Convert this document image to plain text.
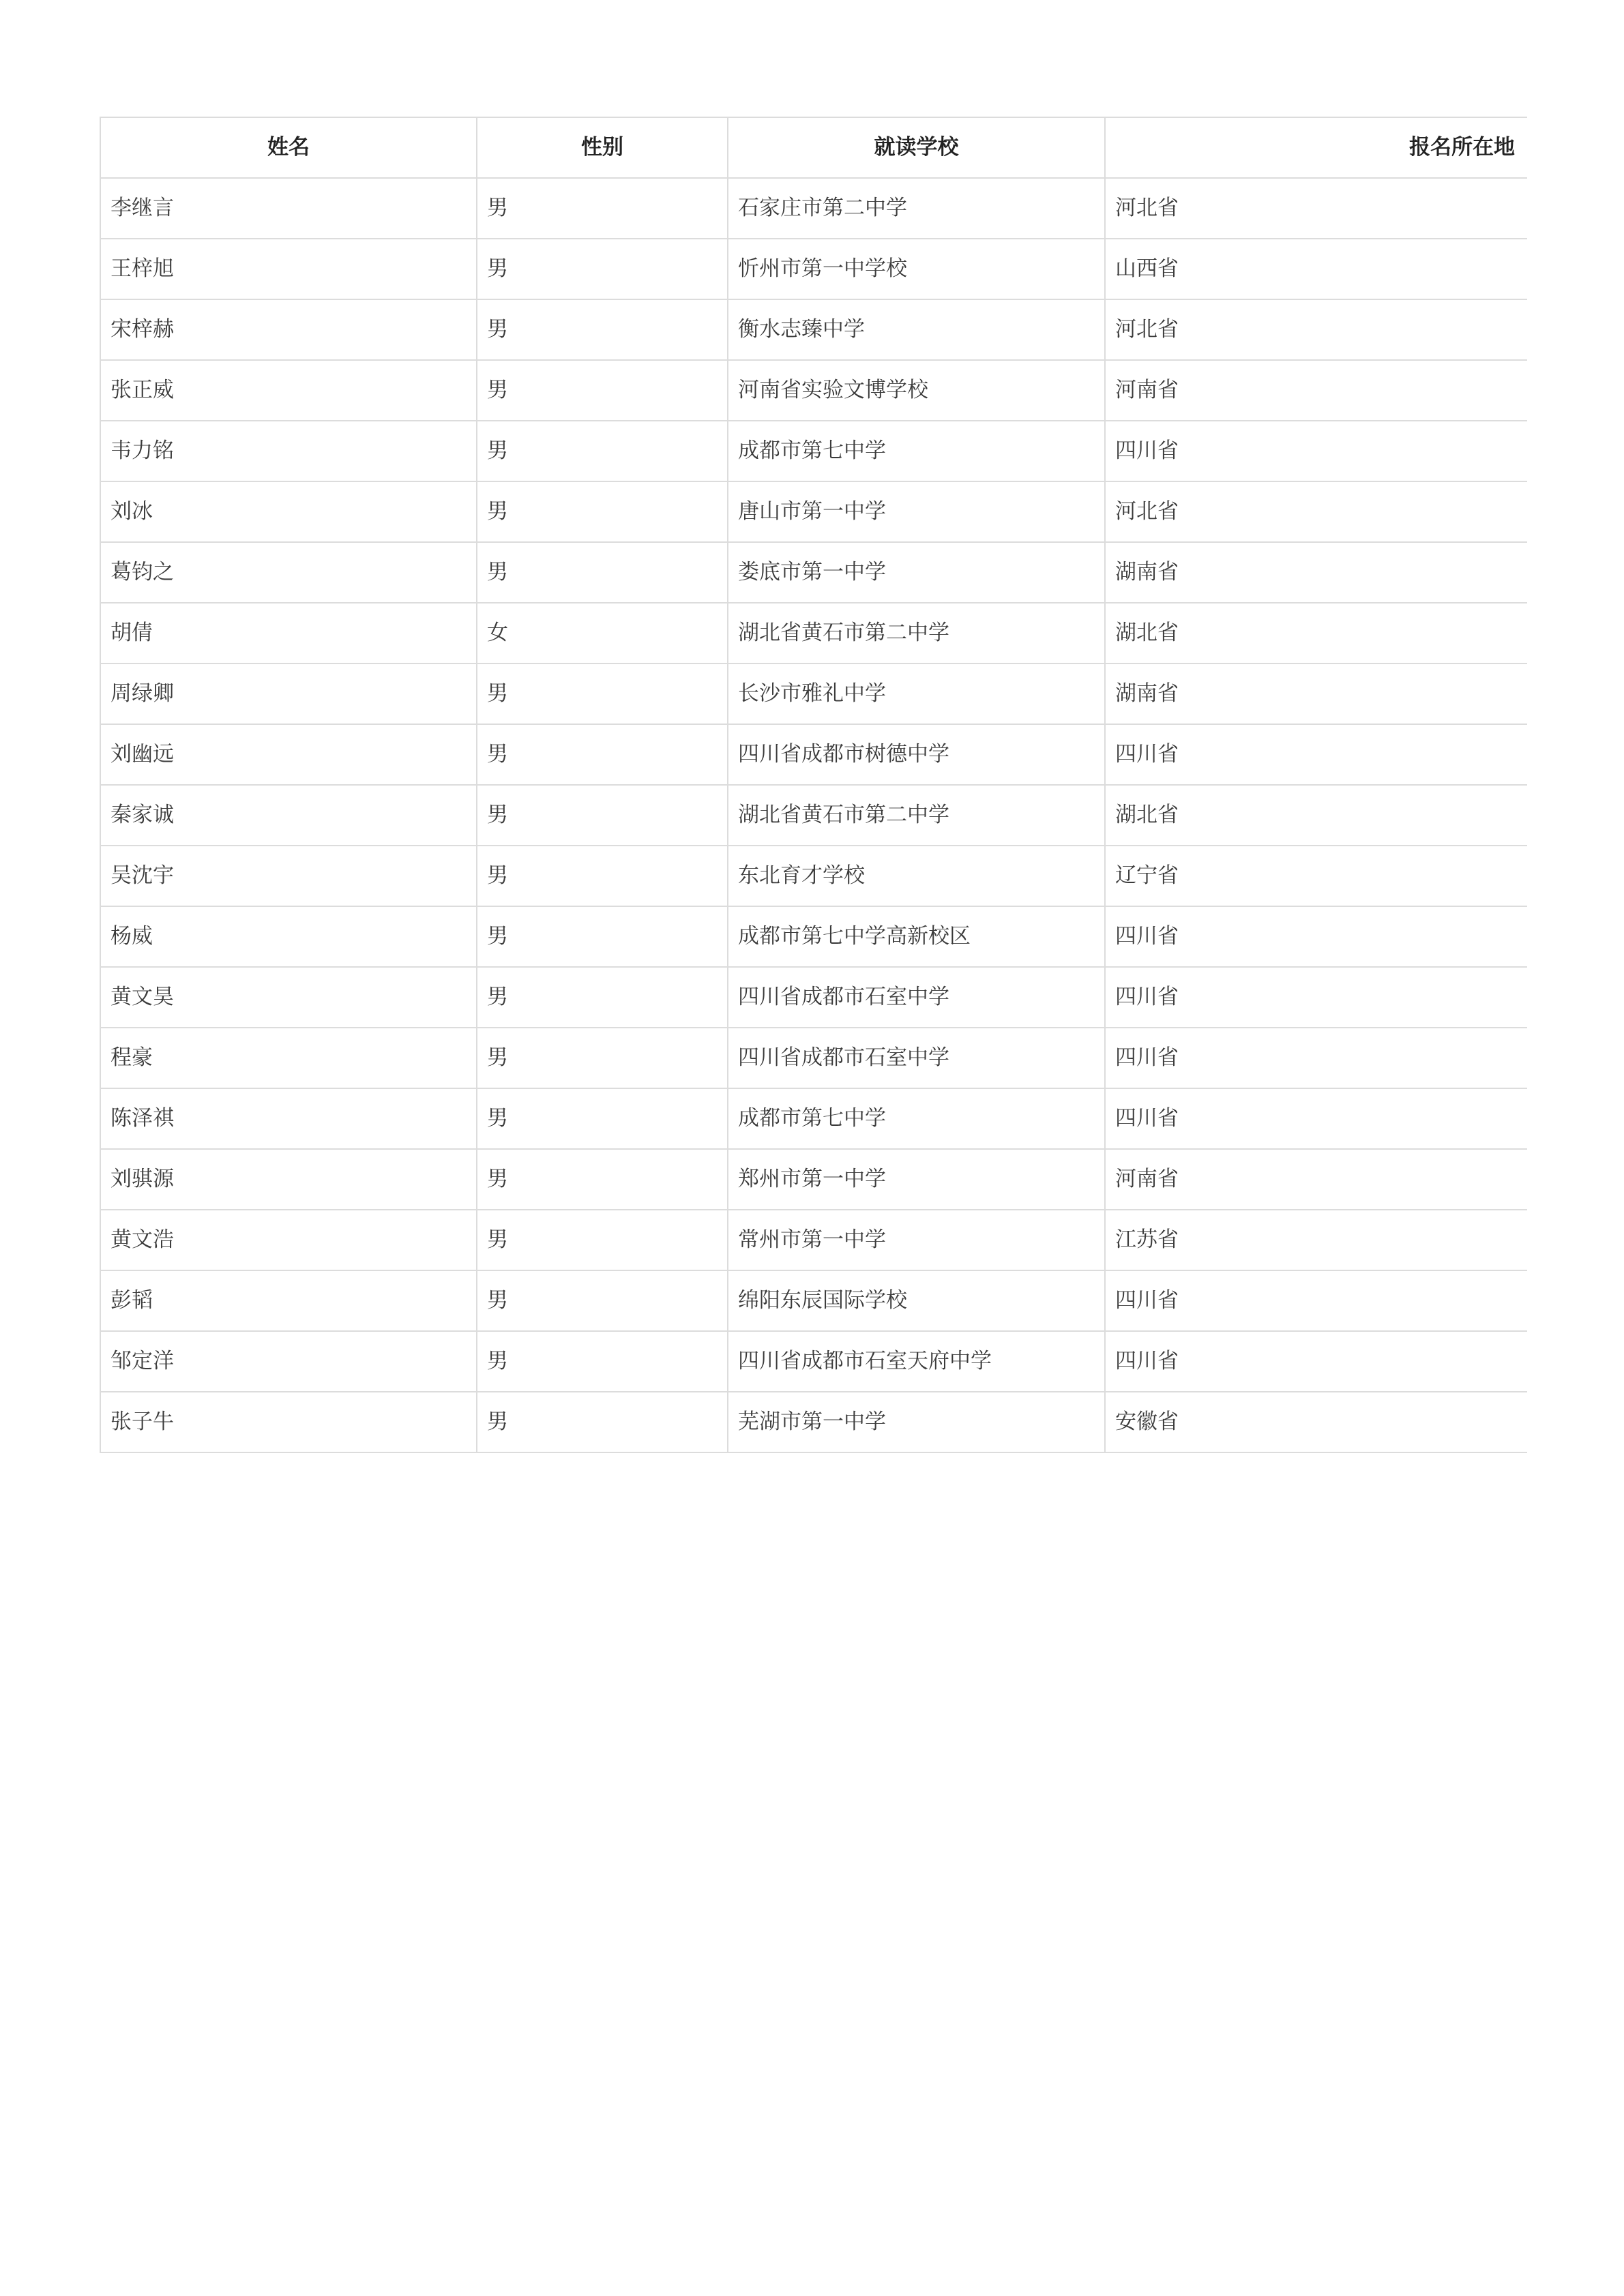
姓名	性别	就读学校	报名所在地
李继言	男	石家庄市第二中学	河北省
王梓旭	男	忻州市第一中学校	山西省
宋梓赫	男	衡水志臻中学	河北省
张正威	男	河南省实验文博学校	河南省
韦力铭	男	成都市第七中学	四川省
刘冰	男	唐山市第一中学	河北省
葛钧之	男	娄底市第一中学	湖南省
胡倩	女	湖北省黄石市第二中学	湖北省
周绿卿	男	长沙市雅礼中学	湖南省
刘幽远	男	四川省成都市树德中学	四川省
秦家诚	男	湖北省黄石市第二中学	湖北省
吴沈宇	男	东北育才学校	辽宁省
杨威	男	成都市第七中学高新校区	四川省
黄文昊	男	四川省成都市石室中学	四川省
程豪	男	四川省成都市石室中学	四川省
陈泽祺	男	成都市第七中学	四川省
刘骐源	男	郑州市第一中学	河南省
黄文浩	男	常州市第一中学	江苏省
彭韬	男	绵阳东辰国际学校	四川省
邹定洋	男	四川省成都市石室天府中学	四川省
张子牛	男	芜湖市第一中学	安徽省
